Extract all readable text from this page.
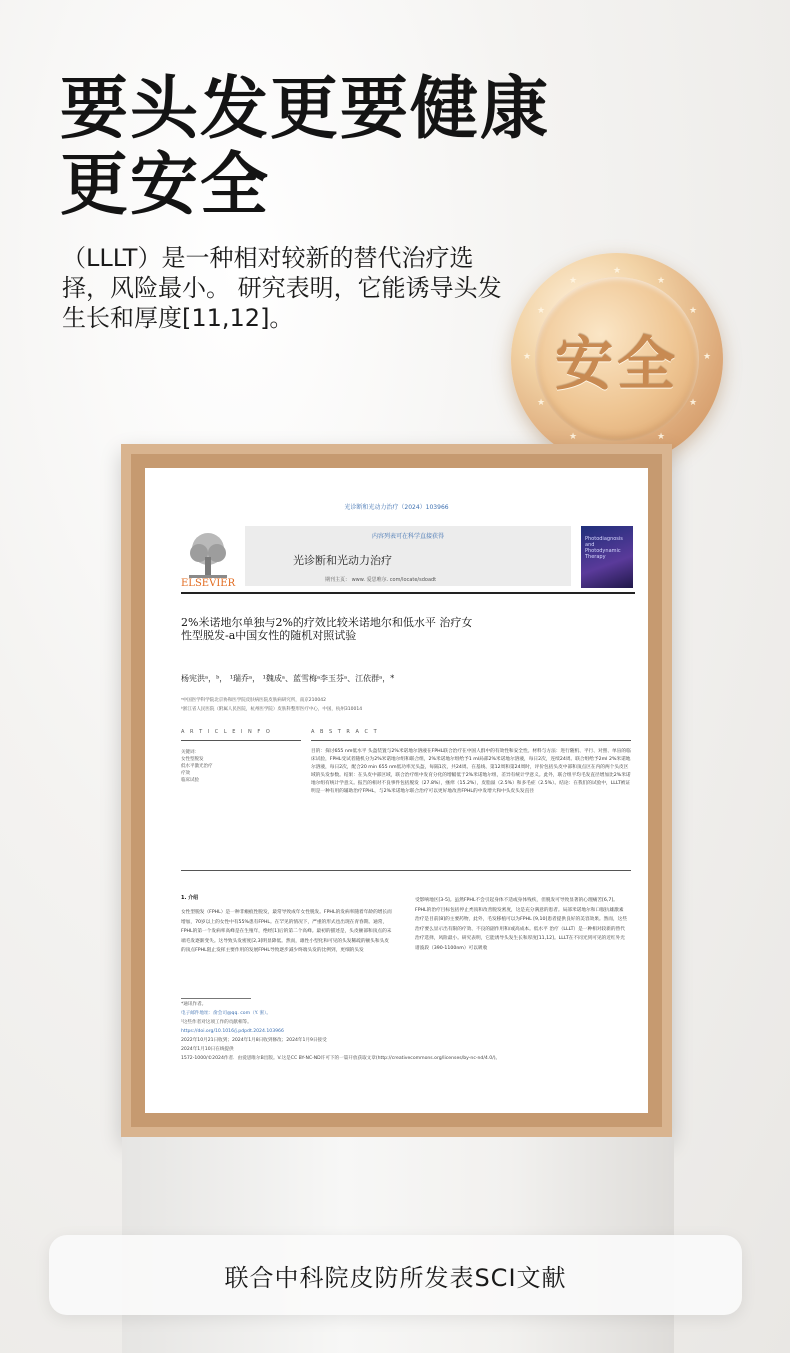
要头发更要健康
更安全

（LLLT）是一种相对较新的替代治疗选择，风险最小。 研究表明，它能诱导头发生长和厚度[11,12]。

★
★
★
★
★
★
★
★
★
★
★
安全
光诊断和光动力治疗（2024）103966
ELSEVIER
内容列表可在科学直接获得
光诊断和光动力治疗
期刊主页： www. 爱思唯尔. com/locate/sdoadt
Photodiagnosis and Photodynamic Therapy

2%米诺地尔单独与2%的疗效比较米诺地尔和低水平 治疗女性型脱发-a中国女性的随机对照试验

杨宪洪ᵃ，ᵇ， ¹瑞乔ᵃ， ¹魏成ᵃ、蓝雪梅ᵃ李玉芬ᵃ、江依群ᵃ，*
ᵃ中国医学科学院北京协和医学院皮肤病医院皮肤病研究所，南京210042
ᵇ浙江省人民医院（附属人民医院，杭州医学院）皮肤科整形医疗中心，中国，杭州310014
A R T I C L E I N F O	A B S T R A C T
关键词：
女性型脱发
低水平激光治疗
疗效
临床试验
目的：探讨655 nm低水平 头盔装置与2%米诺地尔溶液在FPHL联合治疗在中国人群中的有效性和安全性。材料与方法：进行随机、平行、对照、单盲的临床试验，FPHL受试者随机分为2%米诺地尔组和联合组，2%米诺地尔组给予1 ml局部2%米诺地尔溶液，每日2次，连续24周。联合组给予2ml 2%米诺地尔溶液，每日2次，配合20 min 655 nm低功率光头盔，每隔1次，共24周。在基线、第12周和第24周时，评价包括头皮中部和顶点区在内的两个头皮区域的头发参数。结果：在头皮中部区域，联合治疗组中发育分化的增幅低于2%米诺地尔组，差异有统计学意义。此外，联合组平均毛发直径增加比2%米诺地尔组有统计学意义。报告的相对不良事件包括脱发（27.8%），瘙痒（15.2%），皮脂溢（2.5%）和多毛症（2.5%）。结论：在我们的试验中，LLLT被证明是一种有用的辅助治疗FPHL，与2%米诺地尔联合治疗可以更好地改善FPHL的中发增大和中头皮头发直径
1. 介绍
女性型脱发（FPHL）是一种非瘢痕性脱发，最常导致成年女性脱发。FPHL的发病率随着年龄的增长而增加，70岁以上的女性中有55%患有FPHL。在罕见的情况下，严重的形式也出现在青春期。通常，FPHL的第一个发病率高峰是在生殖年，绝经[1]后的第二个高峰。最初的描述是，头皮额部和顶点的末端毛发逐渐变失。这导致头发密度[2,3]明显降低。然而，雄性小型化和可见的头发稀疏的额头和头皮的顶点FPHL阻止发挥主要作用的发展FPHL导致逐步减少终端头发的比例到，更细的头发
受影响地区[3-5]。虽然FPHL不会引起身体不适或身体残疾，但脱发可导致显著的心理痛苦[6,7]。FPHL的治疗目标包括停止秃顶和改善脱发密度，这是充分满意的患者。局部米诺地尔和口服抗雄激素治疗是目前[8]的主要药物，此外，毛发移植可以为FPHL [9,10]患者提供良好的美容效果。然而，这些治疗要么显示出有限的疗效、不良的副作用和/或高成本。低水平 治疗（LLLT）是一种相对较新的替代治疗选择，风险最小。研究表明，它能诱导头发生长和厚度[11,12]。LLLT在不同光到可见的近红外光谱波段（390-1100nm）可以吸收
*通讯作者。
电子邮件地址：俞会司@qq. com（Y. 蜜）。
¹这些作者对这项工作的贡献相等。
https://doi.org/10.1016/j.pdpdt.2024.103966
2022年10月21日收到；2024年1月8日收到修改；2024年1月9日接受
2024年1月10日在线提供
1572-1000/©2024作者．由爱思唯尔B出版。V.这是CC BY-NC-ND许可下的一篇开放获取文章(http://creativecommons.org/licenses/by-nc-nd/4.0/)。
联合中科院皮防所发表SCI文献
